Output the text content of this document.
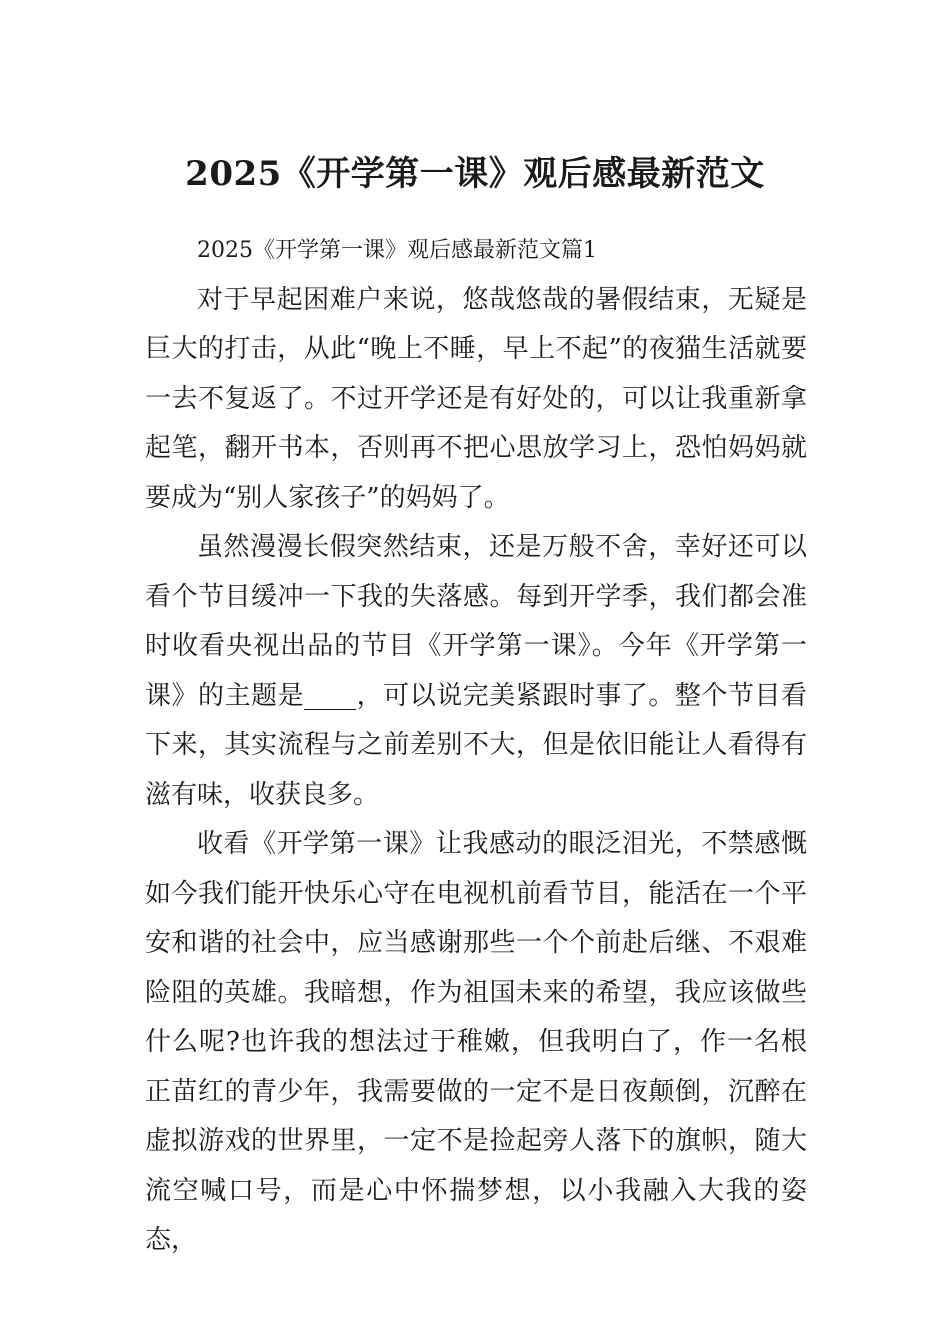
2025《开学第一课》观后感最新范文

2025《开学第一课》观后感最新范文篇1

对于早起困难户来说，悠哉悠哉的暑假结束，无疑是巨大的打击，从此“晚上不睡，早上不起”的夜猫生活就要一去不复返了。不过开学还是有好处的，可以让我重新拿起笔，翻开书本，否则再不把心思放学习上，恐怕妈妈就要成为“别人家孩子”的妈妈了。

虽然漫漫长假突然结束，还是万般不舍，幸好还可以看个节目缓冲一下我的失落感。每到开学季，我们都会准时收看央视出品的节目《开学第一课》。今年《开学第一课》的主题是____，可以说完美紧跟时事了。整个节目看下来，其实流程与之前差别不大，但是依旧能让人看得有滋有味，收获良多。

收看《开学第一课》让我感动的眼泛泪光，不禁感慨如今我们能开快乐心守在电视机前看节目，能活在一个平安和谐的社会中，应当感谢那些一个个前赴后继、不艰难险阻的英雄。我暗想，作为祖国未来的希望，我应该做些什么呢?也许我的想法过于稚嫩，但我明白了，作一名根正苗红的青少年，我需要做的一定不是日夜颠倒，沉醉在虚拟游戏的世界里，一定不是捡起旁人落下的旗帜，随大流空喊口号，而是心中怀揣梦想，以小我融入大我的姿态，
